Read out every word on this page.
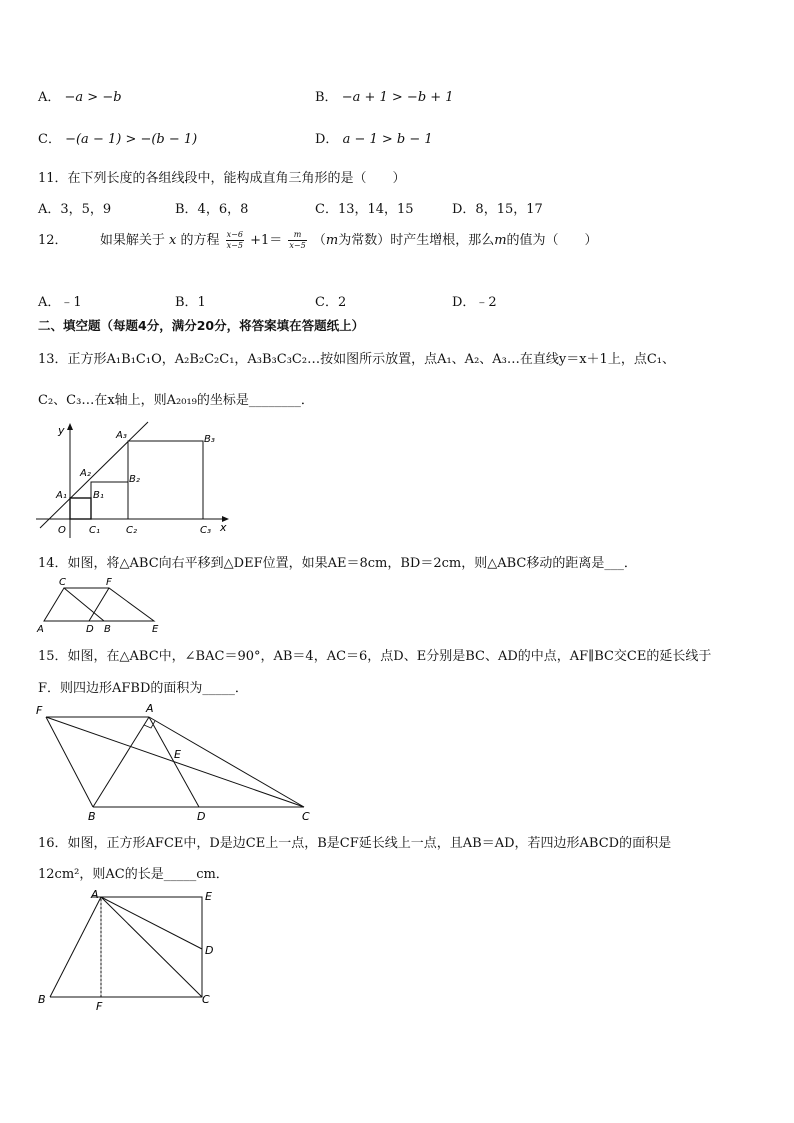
A． −a > −b	B． −a + 1 > −b + 1
C． −(a − 1) > −(b − 1)	D． a − 1 > b − 1
11．在下列长度的各组线段中，能构成直角三角形的是（　　）
A．3，5，9	B．4，6，8	C．13，14，15	D．8，15，17
12． 如果解关于 x 的方程 $\frac{x-6}{x-5} +1= \frac{m}{x-5} (m$为常数）时产生增根，那么m的值为（　　）
A．﹣1	B．1	C．2	D．﹣2
二、填空题（每题4分，满分20分，将答案填在答题纸上）
13．正方形A₁B₁C₁O，A₂B₂C₂C₁，A₃B₃C₃C₂…按如图所示放置，点A₁、A₂、A₃…在直线y＝x＋1上，点C₁、
C₂、C₃…在x轴上，则A₂₀₁₉的坐标是________．
y	A₃	B₃
A₂
B₂
A₁	B₁
O C₁	C₂	C₃ x
14．如图，将△ABC向右平移到△DEF位置，如果AE＝8cm，BD＝2cm，则△ABC移动的距离是___．
C	F
A	D B	E
15．如图，在△ABC中，∠BAC＝90°，AB＝4，AC＝6，点D、E分别是BC、AD的中点，AF∥BC交CE的延长线于
F．则四边形AFBD的面积为_____．
F	A
E
B	D	C
16．如图，正方形AFCE中，D是边CE上一点，B是CF延长线上一点，且AB＝AD，若四边形ABCD的面积是
12cm²，则AC的长是_____cm．
A	E
D
B
F
C
